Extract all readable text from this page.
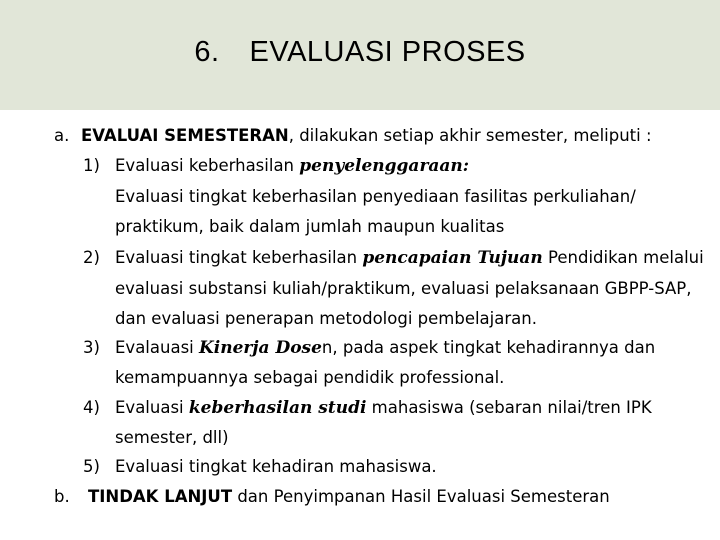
6. EVALUASI PROSES
a. EVALUAI SEMESTERAN, dilakukan setiap akhir semester, meliputi :
1) Evaluasi keberhasilan penyelenggaraan:
Evaluasi tingkat keberhasilan penyediaan fasilitas perkuliahan/
praktikum, baik dalam jumlah maupun kualitas
2) Evaluasi tingkat keberhasilan pencapaian Tujuan Pendidikan melalui
evaluasi substansi kuliah/praktikum, evaluasi pelaksanaan GBPP-SAP,
dan evaluasi penerapan metodologi pembelajaran.
3) Evalauasi Kinerja Dosen, pada aspek tingkat kehadirannya dan
kemampuannya sebagai pendidik professional.
4) Evaluasi keberhasilan studi mahasiswa (sebaran nilai/tren IPK
semester, dll)
5) Evaluasi tingkat kehadiran mahasiswa.
b. TINDAK LANJUT dan Penyimpanan Hasil Evaluasi Semesteran
